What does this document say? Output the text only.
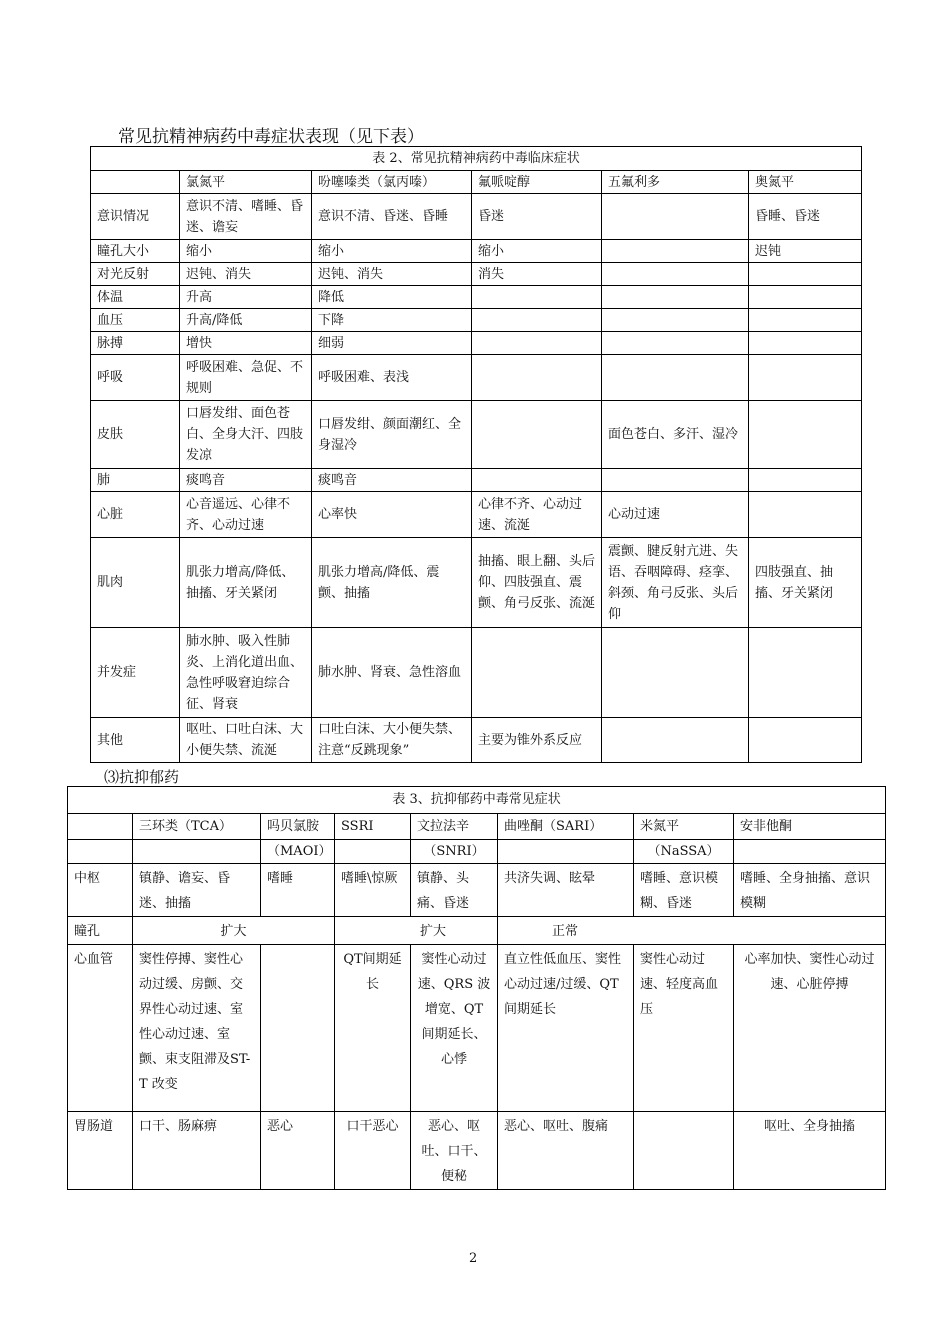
常见抗精神病药中毒症状表现（见下表）
表 2、常见抗精神病药中毒临床症状					
	氯氮平	吩噻嗪类（氯丙嗪）	氟哌啶醇	五氟利多	奥氮平
意识情况	意识不清、嗜睡、昏迷、谵妄	意识不清、昏迷、昏睡	昏迷		昏睡、昏迷
瞳孔大小	缩小	缩小	缩小		迟钝
对光反射	迟钝、消失	迟钝、消失	消失		
体温	升高	降低			
血压	升高/降低	下降			
脉搏	增快	细弱			
呼吸	呼吸困难、急促、不规则	呼吸困难、表浅			
皮肤	口唇发绀、面色苍白、全身大汗、四肢发凉	口唇发绀、颜面潮红、全身湿冷		面色苍白、多汗、湿冷	
肺	痰鸣音	痰鸣音			
心脏	心音遥远、心律不齐、心动过速	心率快	心律不齐、心动过速、流涎	心动过速	
肌肉	肌张力增高/降低、抽搐、牙关紧闭	肌张力增高/降低、震颤、抽搐	抽搐、眼上翻、头后仰、四肢强直、震颤、角弓反张、流涎	震颤、腱反射亢进、失语、吞咽障碍、痉挛、斜颈、角弓反张、头后仰	四肢强直、抽搐、牙关紧闭
并发症	肺水肿、吸入性肺炎、上消化道出血、急性呼吸窘迫综合征、肾衰	肺水肿、肾衰、急性溶血			
其他	呕吐、口吐白沫、大小便失禁、流涎	口吐白沫、大小便失禁、注意“反跳现象”	主要为锥外系反应		
⑶抗抑郁药
表 3、抗抑郁药中毒常见症状							
	三环类（TCA）	吗贝氯胺	SSRI	文拉法辛	曲唑酮（SARI）	米氮平	安非他酮
		（MAOI）		（SNRI）		（NaSSA）	
中枢	镇静、谵妄、昏迷、抽搐	嗜睡	嗜睡\惊厥	镇静、头痛、昏迷	共济失调、眩晕	嗜睡、意识模糊、昏迷	嗜睡、全身抽搐、意识模糊
瞳孔	扩大		扩大		正常		
心血管	窦性停搏、窦性心动过缓、房颤、交界性心动过速、室性心动过速、室颤、束支阻滞及ST-T 改变		QT间期延长	窦性心动过速、QRS 波增宽、QT 间期延长、心悸	直立性低血压、窦性心动过速/过缓、QT 间期延长	窦性心动过速、轻度高血压	心率加快、窦性心动过速、心脏停搏
胃肠道	口干、肠麻痹	恶心	口干恶心	恶心、呕吐、口干、便秘	恶心、呕吐、腹痛		呕吐、全身抽搐
2
